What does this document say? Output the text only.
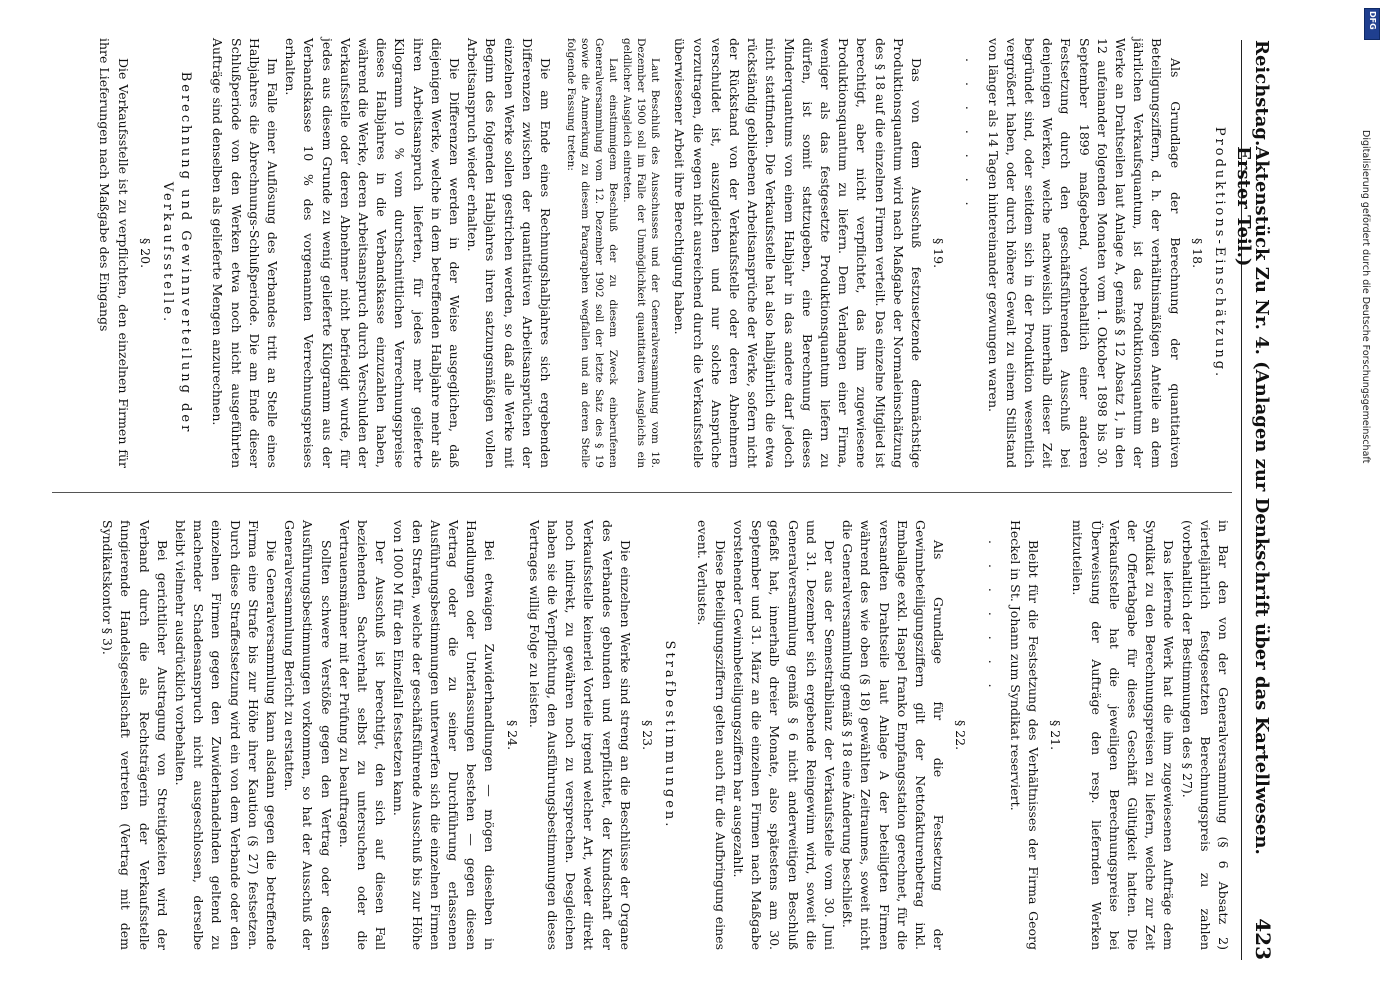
Reichstag.
Aktenstück Zu Nr. 4. (Anlagen zur Denkschrift über das Kartellwesen. Erster Teil.)
423
Produktions-Einschätzung.
§ 18.

Als Grundlage der Berechnung der quantitativen Beteiligungsziffern, d. h. der verhältnismäßigen Anteile an dem jährlichen Verkaufsquantum, ist das Produktionsquantum der Werke an Drahtseilen laut Anlage A, gemäß § 12 Absatz 1, in den 12 aufeinander folgenden Monaten vom 1. Oktober 1898 bis 30. September 1899 maßgebend, vorbehaltlich einer anderen Festsetzung durch den geschäftsführenden Ausschuß bei denjenigen Werken, welche nachweislich innerhalb dieser Zeit begründet sind, oder seitdem sich in der Produktion wesentlich vergrößert haben, oder durch höhere Gewalt zu einem Stillstand von länger als 14 Tagen hintereinander gezwungen waren.

. . . . . . .
§ 19.

Das von dem Ausschuß festzusetzende demnächstige Produktionsquantum wird nach Maßgabe der Normaleinschätzung des § 18 auf die einzelnen Firmen verteilt. Das einzelne Mitglied ist berechtigt, aber nicht verpflichtet, das ihm zugewiesene Produktionsquantum zu liefern. Dem Verlangen einer Firma, weniger als das festgesetzte Produktionsquantum liefern zu dürfen, ist somit stattzugeben, eine Berechnung dieses Minderquantums von einem Halbjahr in das andere darf jedoch nicht stattfinden. Die Verkaufsstelle hat also halbjährlich die etwa rückständig gebliebenen Arbeitsansprüche der Werke, sofern nicht der Rückstand von der Verkaufsstelle oder deren Abnehmern verschuldet ist, auszugleichen und nur solche Ansprüche vorzutragen, die wegen nicht ausreichend durch die Verkaufsstelle überwiesener Arbeit ihre Berechtigung haben.

Laut Beschluß des Ausschusses und der Generalversammlung vom 18. Dezember 1900 soll im Falle der Unmöglichkeit quantitativen Ausgleichs ein geldlicher Ausgleich eintreten.

Laut einstimmigem Beschluß der zu diesem Zweck einberufenen Generalversammlung vom 12. Dezember 1902 soll der letzte Satz des § 19 sowie die Anmerkung zu diesem Paragraphen wegfallen und an deren Stelle folgende Fassung treten:

Die am Ende eines Rechnungshalbjahres sich ergebenden Differenzen zwischen der quantitativen Arbeitsansprüchen der einzelnen Werke sollen gestrichen werden, so daß alle Werke mit Beginn des folgenden Halbjahres ihren satzungsmäßigen vollen Arbeitsanspruch wieder erhalten.

Die Differenzen werden in der Weise ausgeglichen, daß diejenigen Werke, welche in dem betreffenden Halbjahre mehr als ihren Arbeitsanspruch lieferten, für jedes mehr gelieferte Kilogramm 10 % vom durchschnittlichen Verrechnungspreise dieses Halbjahres in die Verbandskasse einzuzahlen haben, während die Werke, deren Arbeitsanspruch durch Verschulden der Verkaufsstelle oder deren Abnehmer nicht befriedigt wurde, für jedes aus diesem Grunde zu wenig gelieferte Kilogramm aus der Verbandskasse 10 % des vorgenannten Verrechnungspreises erhalten.

Im Falle einer Auflösung des Verbandes tritt an Stelle eines Halbjahres die Abrechnungs-Schlußperiode. Die am Ende dieser Schlußperiode von den Werken etwa noch nicht ausgeführten Aufträge sind denselben als gelieferte Mengen anzurechnen.

Berechnung und Gewinnverteilung der Verkaufsstelle.
§ 20.

Die Verkaufsstelle ist zu verpflichten, den einzelnen Firmen für ihre Lieferungen nach Maßgabe des Eingangs

in Bar den von der Generalversammlung (§ 6 Absatz 2) vierteljährlich festgesetzten Berechnungspreis zu zahlen (vorbehaltlich der Bestimmungen des § 27).

Das liefernde Werk hat die ihm zugewiesenen Aufträge dem Syndikat zu den Berechnungspreisen zu liefern, welche zur Zeit der Offertabgabe für dieses Geschäft Gültigkeit hatten. Die Verkaufsstelle hat die jeweiligen Berechnungspreise bei Überweisung der Aufträge den resp. liefernden Werken mitzuteilen.

§ 21.

Bleibt für die Festsetzung des Verhältnisses der Firma Georg Heckel in St. Johann zum Syndikat reserviert.

. . . . . . .
§ 22.

Als Grundlage für die Festsetzung der Gewinnbeteiligungsziffern gilt der Nettofakturenbetrag inkl. Emballage exkl. Haspel franko Empfangsstation gerechnet, für die versandten Drahtseile laut Anlage A der beteiligten Firmen während des wie oben (§ 18) gewählten Zeitraumes, soweit nicht die Generalversammlung gemäß § 18 eine Änderung beschließt.

Der aus der Semestralbilanz der Verkaufsstelle vom 30. Juni und 31. Dezember sich ergebende Reingewinn wird, soweit die Generalversammlung gemäß § 6 nicht anderweitigen Beschluß gefaßt hat, innerhalb dreier Monate, also spätestens am 30. September und 31. März an die einzelnen Firmen nach Maßgabe vorstehender Gewinnbeteiligungsziffern bar ausgezahlt.

Diese Beteiligungsziffern gelten auch für die Aufbringung eines event. Verlustes.

Strafbestimmungen.
§ 23.

Die einzelnen Werke sind streng an die Beschlüsse der Organe des Verbandes gebunden und verpflichtet, der Kundschaft der Verkaufsstelle keinerlei Vorteile irgend welcher Art, weder direkt noch indirekt, zu gewähren noch zu versprechen. Desgleichen haben sie die Verpflichtung, den Ausführungsbestimmungen dieses Vertrages willig Folge zu leisten.

§ 24.

Bei etwaigen Zuwiderhandlungen — mögen dieselben in Handlungen oder Unterlassungen bestehen — gegen diesen Vertrag oder die zu seiner Durchführung erlassenen Ausführungsbestimmungen unterwerfen sich die einzelnen Firmen den Strafen, welche der geschäftsführende Ausschuß bis zur Höhe von 1000 M für den Einzelfall festsetzen kann.

Der Ausschuß ist berechtigt, den sich auf diesen Fall beziehenden Sachverhalt selbst zu untersuchen oder die Vertrauensmänner mit der Prüfung zu beauftragen.

Sollten schwere Verstöße gegen den Vertrag oder dessen Ausführungsbestimmungen vorkommen, so hat der Ausschuß der Generalversammlung Bericht zu erstatten.

Die Generalversammlung kann alsdann gegen die betreffende Firma eine Strafe bis zur Höhe ihrer Kaution (§ 27) festsetzen. Durch diese Straffestsetzung wird ein von dem Verbande oder den einzelnen Firmen gegen den Zuwiderhandelnden geltend zu machender Schadensanspruch nicht ausgeschlossen, derselbe bleibt vielmehr ausdrücklich vorbehalten.

Bei gerichtlicher Austragung von Streitigkeiten wird der Verband durch die als Rechtsträgerin der Verkaufsstelle fungierende Handelsgesellschaft vertreten (Vertrag mit dem Syndikatskontor § 3).

DFG
Digitalisierung gefördert durch die Deutsche Forschungsgemeinschaft
